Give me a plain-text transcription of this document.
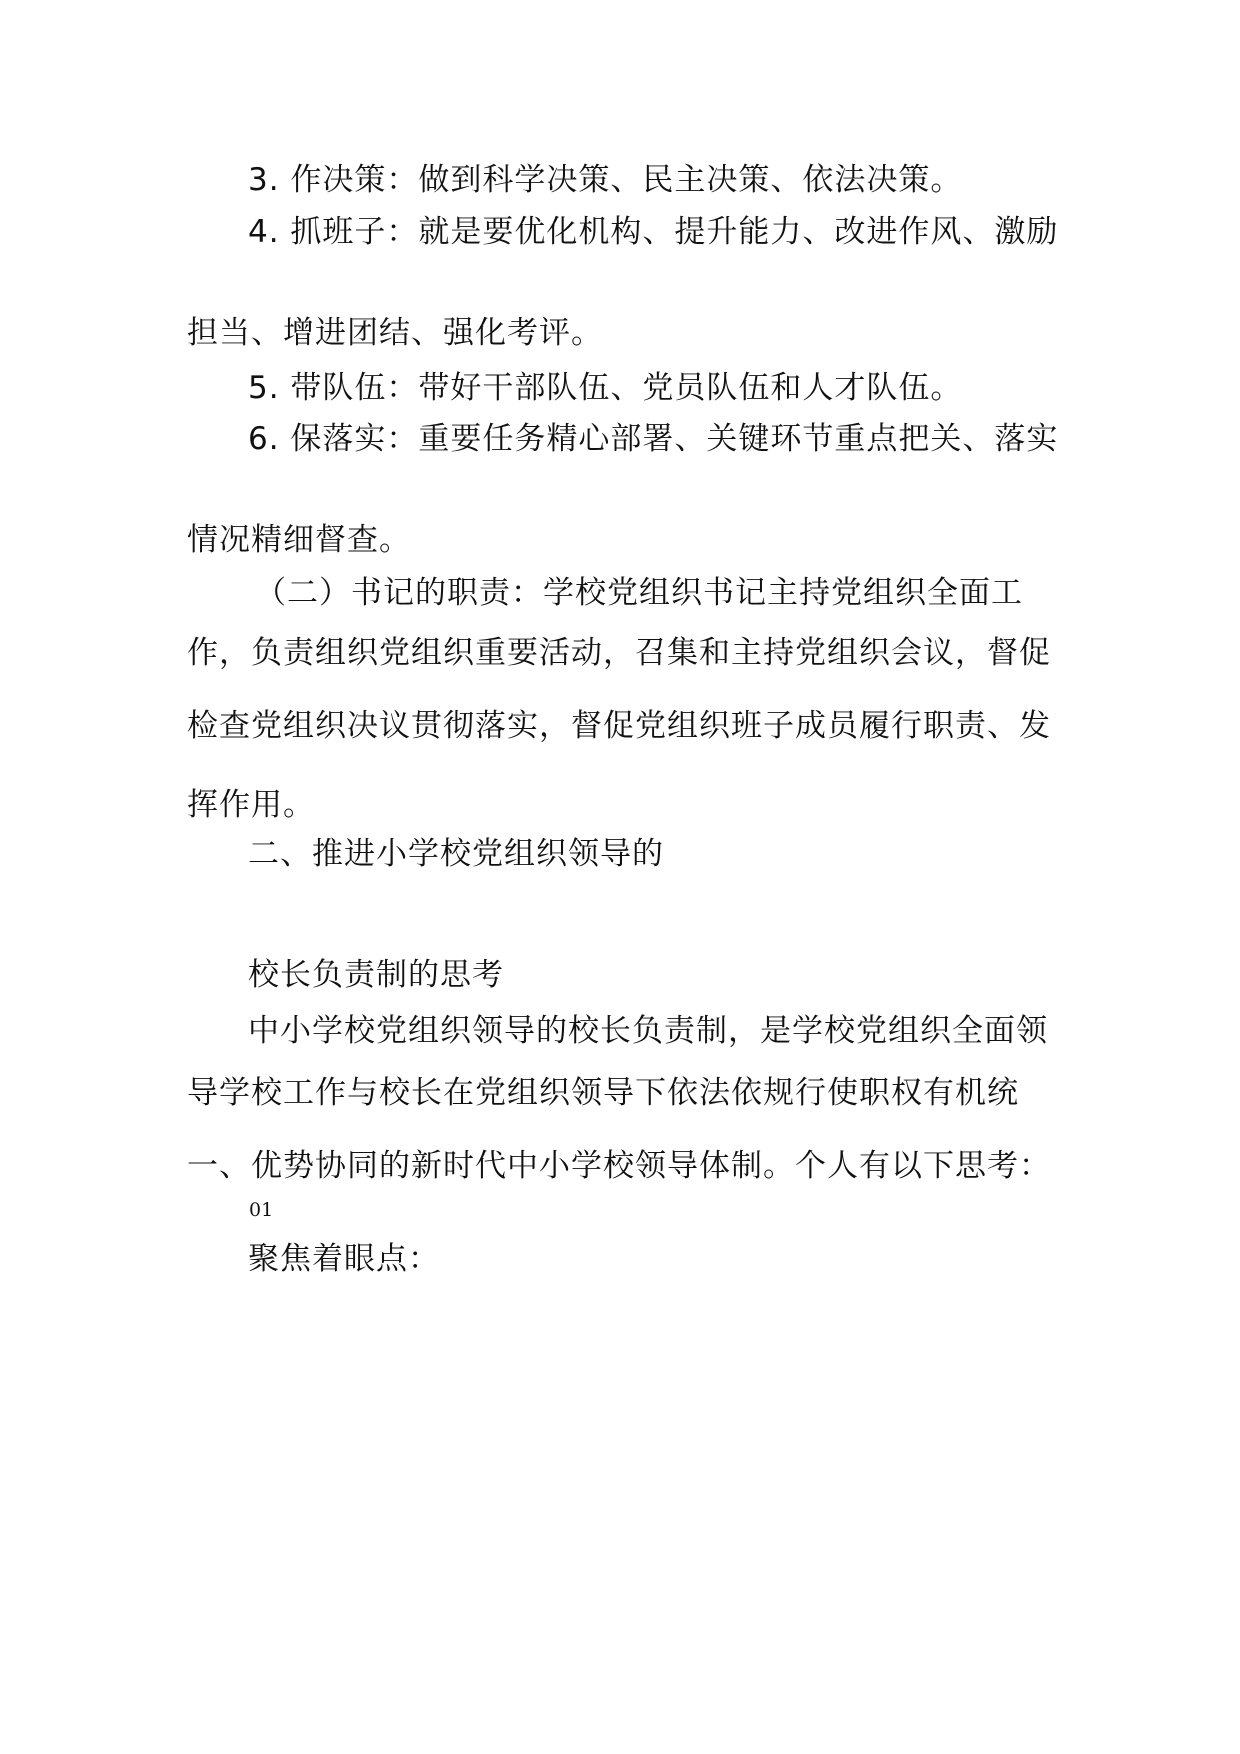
3. 作决策：做到科学决策、民主决策、依法决策。
4. 抓班子：就是要优化机构、提升能力、改进作风、激励
担当、增进团结、强化考评。
5. 带队伍：带好干部队伍、党员队伍和人才队伍。
6. 保落实：重要任务精心部署、关键环节重点把关、落实
情况精细督查。
（二）书记的职责：学校党组织书记主持党组织全面工
作，负责组织党组织重要活动，召集和主持党组织会议，督促
检查党组织决议贯彻落实，督促党组织班子成员履行职责、发
挥作用。
二、推进小学校党组织领导的
校长负责制的思考
中小学校党组织领导的校长负责制，是学校党组织全面领
导学校工作与校长在党组织领导下依法依规行使职权有机统
一、优势协同的新时代中小学校领导体制。个人有以下思考：
01
聚焦着眼点：
